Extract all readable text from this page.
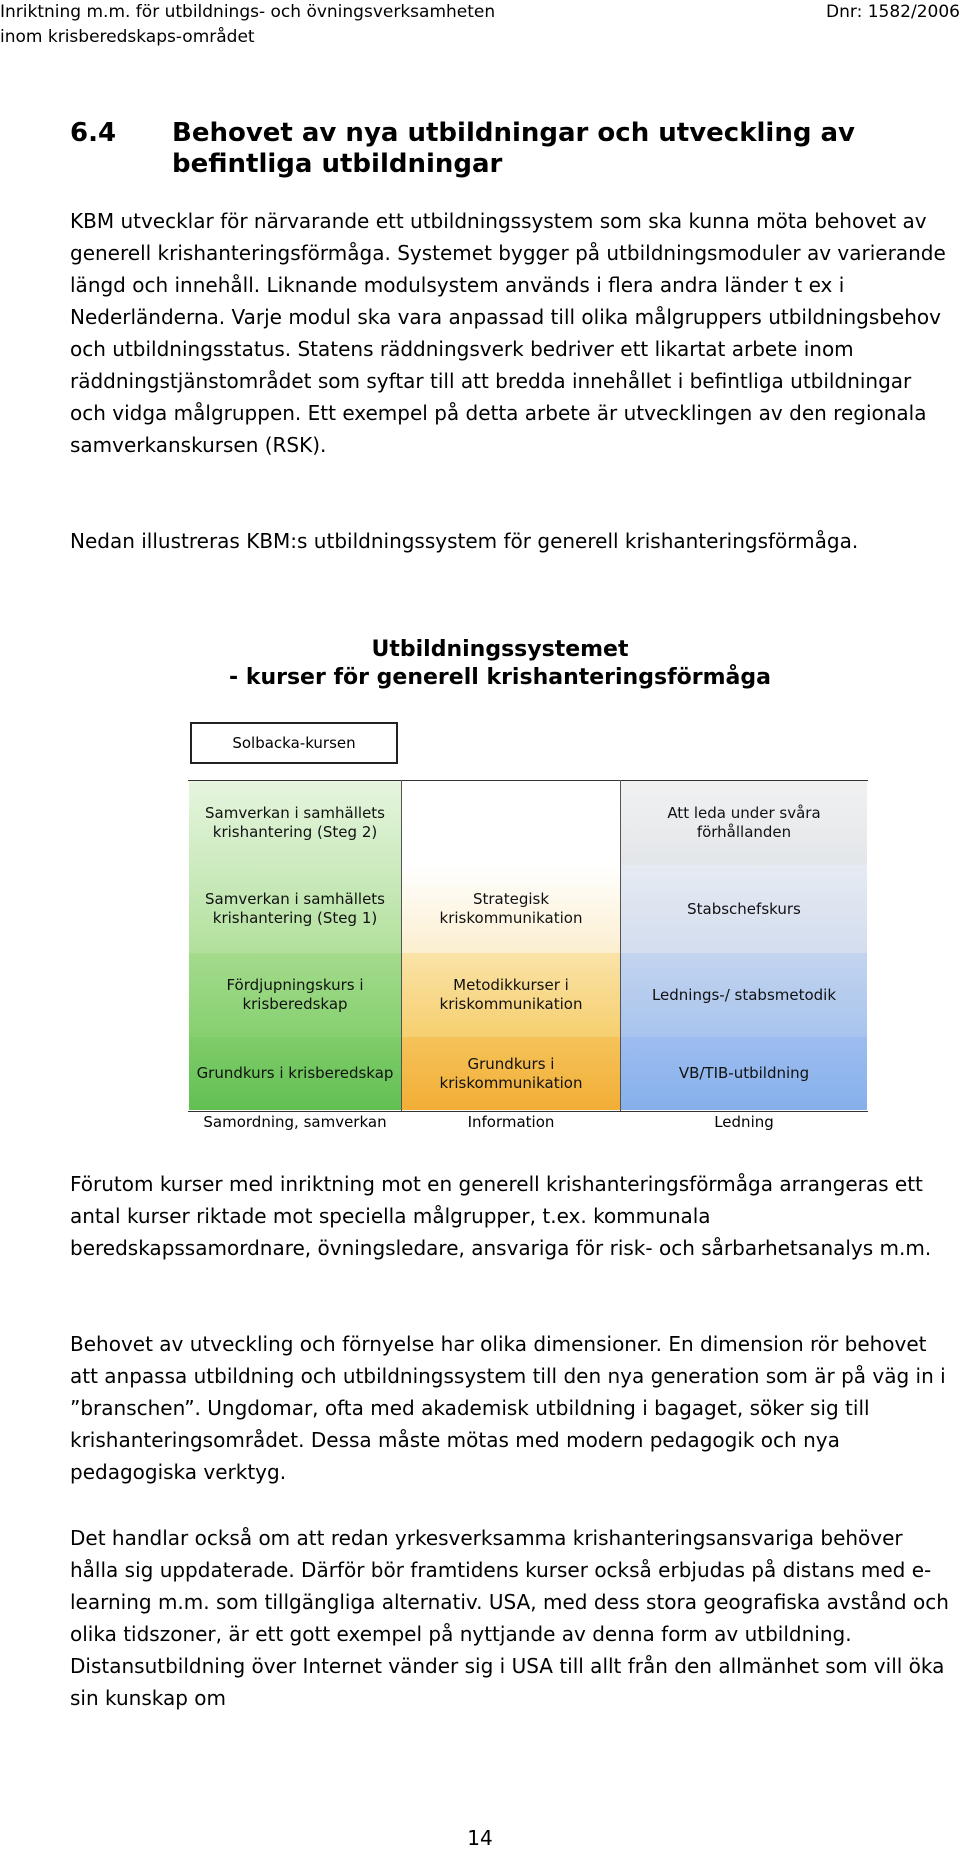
Inriktning m.m. för utbildnings- och övningsverksamheten
inom krisberedskaps-området
Dnr: 1582/2006
6.4 Behovet av nya utbildningar och utveckling av befintliga utbildningar

KBM utvecklar för närvarande ett utbildningssystem som ska kunna möta behovet av generell krishanteringsförmåga. Systemet bygger på utbildningsmoduler av varierande längd och innehåll. Liknande modulsystem används i flera andra länder t ex i Nederländerna. Varje modul ska vara anpassad till olika målgruppers utbildningsbehov och utbildningsstatus. Statens räddningsverk bedriver ett likartat arbete inom räddningstjänstområdet som syftar till att bredda innehållet i befintliga utbildningar och vidga målgruppen. Ett exempel på detta arbete är utvecklingen av den regionala samverkanskursen (RSK).

Nedan illustreras KBM:s utbildningssystem för generell krishanteringsförmåga.

Utbildningssystemet
- kurser för generell krishanteringsförmåga
Solbacka-kursen
Samverkan i samhällets krishantering (Steg 2)
Samverkan i samhällets krishantering (Steg 1)
Fördjupningskurs i krisberedskap
Grundkurs i krisberedskap
Strategisk kriskommunikation
Metodikkurser i kriskommunikation
Grundkurs i kriskommunikation
Att leda under svåra förhållanden
Stabschefskurs
Lednings-/ stabsmetodik
VB/TIB-utbildning
Samordning, samverkan	Information	Ledning

Förutom kurser med inriktning mot en generell krishanteringsförmåga arrangeras ett antal kurser riktade mot speciella målgrupper, t.ex. kommunala beredskapssamordnare, övningsledare, ansvariga för risk- och sårbarhetsanalys m.m.

Behovet av utveckling och förnyelse har olika dimensioner. En dimension rör behovet att anpassa utbildning och utbildningssystem till den nya generation som är på väg in i ”branschen”. Ungdomar, ofta med akademisk utbildning i bagaget, söker sig till krishanteringsområdet. Dessa måste mötas med modern pedagogik och nya pedagogiska verktyg.

Det handlar också om att redan yrkesverksamma krishanteringsansvariga behöver hålla sig uppdaterade. Därför bör framtidens kurser också erbjudas på distans med e-learning m.m. som tillgängliga alternativ. USA, med dess stora geografiska avstånd och olika tidszoner, är ett gott exempel på nyttjande av denna form av utbildning. Distansutbildning över Internet vänder sig i USA till allt från den allmänhet som vill öka sin kunskap om

14
